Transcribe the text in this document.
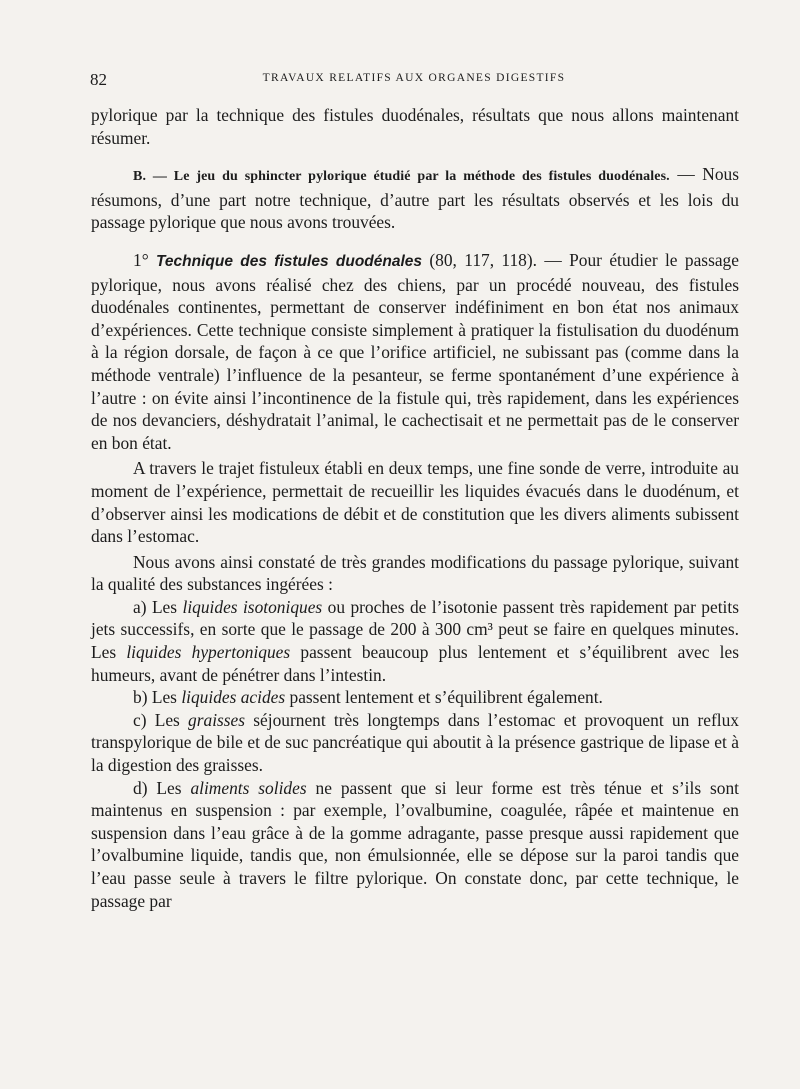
82	TRAVAUX RELATIFS AUX ORGANES DIGESTIFS

pylorique par la technique des fistules duodénales, résultats que nous allons maintenant résumer.

B. — Le jeu du sphincter pylorique étudié par la méthode des fistules duodénales. — Nous résumons, d’une part notre technique, d’autre part les résultats observés et les lois du passage pylorique que nous avons trouvées.

1° Technique des fistules duodénales (80, 117, 118). — Pour étudier le passage pylorique, nous avons réalisé chez des chiens, par un procédé nouveau, des fistules duodénales continentes, permettant de conserver indéfiniment en bon état nos animaux d’expériences. Cette technique consiste simplement à pratiquer la fistulisation du duodénum à la région dorsale, de façon à ce que l’orifice artificiel, ne subissant pas (comme dans la méthode ventrale) l’influence de la pesanteur, se ferme spontanément d’une expérience à l’autre : on évite ainsi l’incontinence de la fistule qui, très rapidement, dans les expériences de nos devanciers, déshydratait l’animal, le cachectisait et ne permettait pas de le conserver en bon état.

A travers le trajet fistuleux établi en deux temps, une fine sonde de verre, introduite au moment de l’expérience, permettait de recueillir les liquides évacués dans le duodénum, et d’observer ainsi les modications de débit et de constitution que les divers aliments subissent dans l’estomac.

Nous avons ainsi constaté de très grandes modifications du passage pylorique, suivant la qualité des substances ingérées :

a) Les liquides isotoniques ou proches de l’isotonie passent très rapidement par petits jets successifs, en sorte que le passage de 200 à 300 cm³ peut se faire en quelques minutes. Les liquides hypertoniques passent beaucoup plus lentement et s’équilibrent avec les humeurs, avant de pénétrer dans l’intestin.

b) Les liquides acides passent lentement et s’équilibrent également.

c) Les graisses séjournent très longtemps dans l’estomac et provoquent un reflux transpylorique de bile et de suc pancréatique qui aboutit à la présence gastrique de lipase et à la digestion des graisses.

d) Les aliments solides ne passent que si leur forme est très ténue et s’ils sont maintenus en suspension : par exemple, l’ovalbumine, coagulée, râpée et maintenue en suspension dans l’eau grâce à de la gomme adragante, passe presque aussi rapidement que l’ovalbumine liquide, tandis que, non émulsionnée, elle se dépose sur la paroi tandis que l’eau passe seule à travers le filtre pylorique. On constate donc, par cette technique, le passage par
